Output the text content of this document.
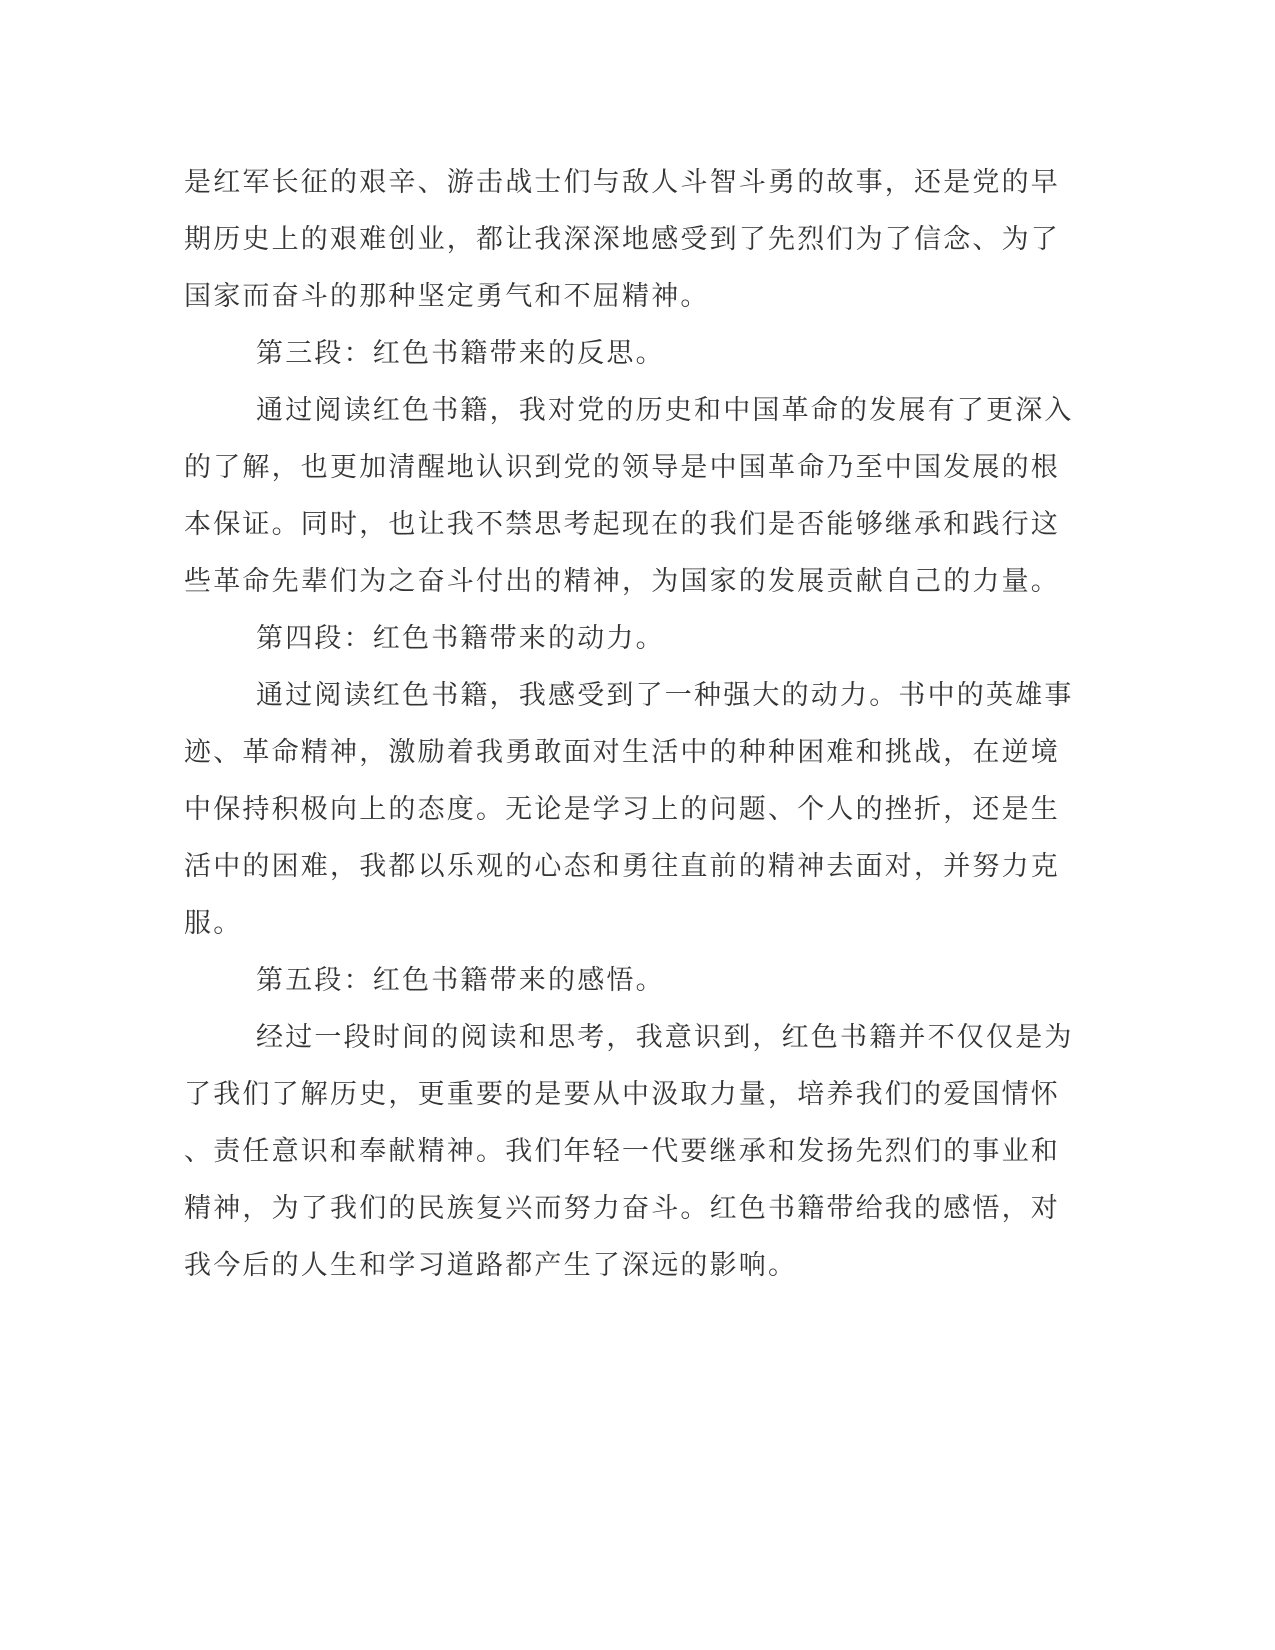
是红军长征的艰辛、游击战士们与敌人斗智斗勇的故事，还是党的早
期历史上的艰难创业，都让我深深地感受到了先烈们为了信念、为了
国家而奋斗的那种坚定勇气和不屈精神。
第三段：红色书籍带来的反思。
通过阅读红色书籍，我对党的历史和中国革命的发展有了更深入
的了解，也更加清醒地认识到党的领导是中国革命乃至中国发展的根
本保证。同时，也让我不禁思考起现在的我们是否能够继承和践行这
些革命先辈们为之奋斗付出的精神，为国家的发展贡献自己的力量。
第四段：红色书籍带来的动力。
通过阅读红色书籍，我感受到了一种强大的动力。书中的英雄事
迹、革命精神，激励着我勇敢面对生活中的种种困难和挑战，在逆境
中保持积极向上的态度。无论是学习上的问题、个人的挫折，还是生
活中的困难，我都以乐观的心态和勇往直前的精神去面对，并努力克
服。
第五段：红色书籍带来的感悟。
经过一段时间的阅读和思考，我意识到，红色书籍并不仅仅是为
了我们了解历史，更重要的是要从中汲取力量，培养我们的爱国情怀
、责任意识和奉献精神。我们年轻一代要继承和发扬先烈们的事业和
精神，为了我们的民族复兴而努力奋斗。红色书籍带给我的感悟，对
我今后的人生和学习道路都产生了深远的影响。
